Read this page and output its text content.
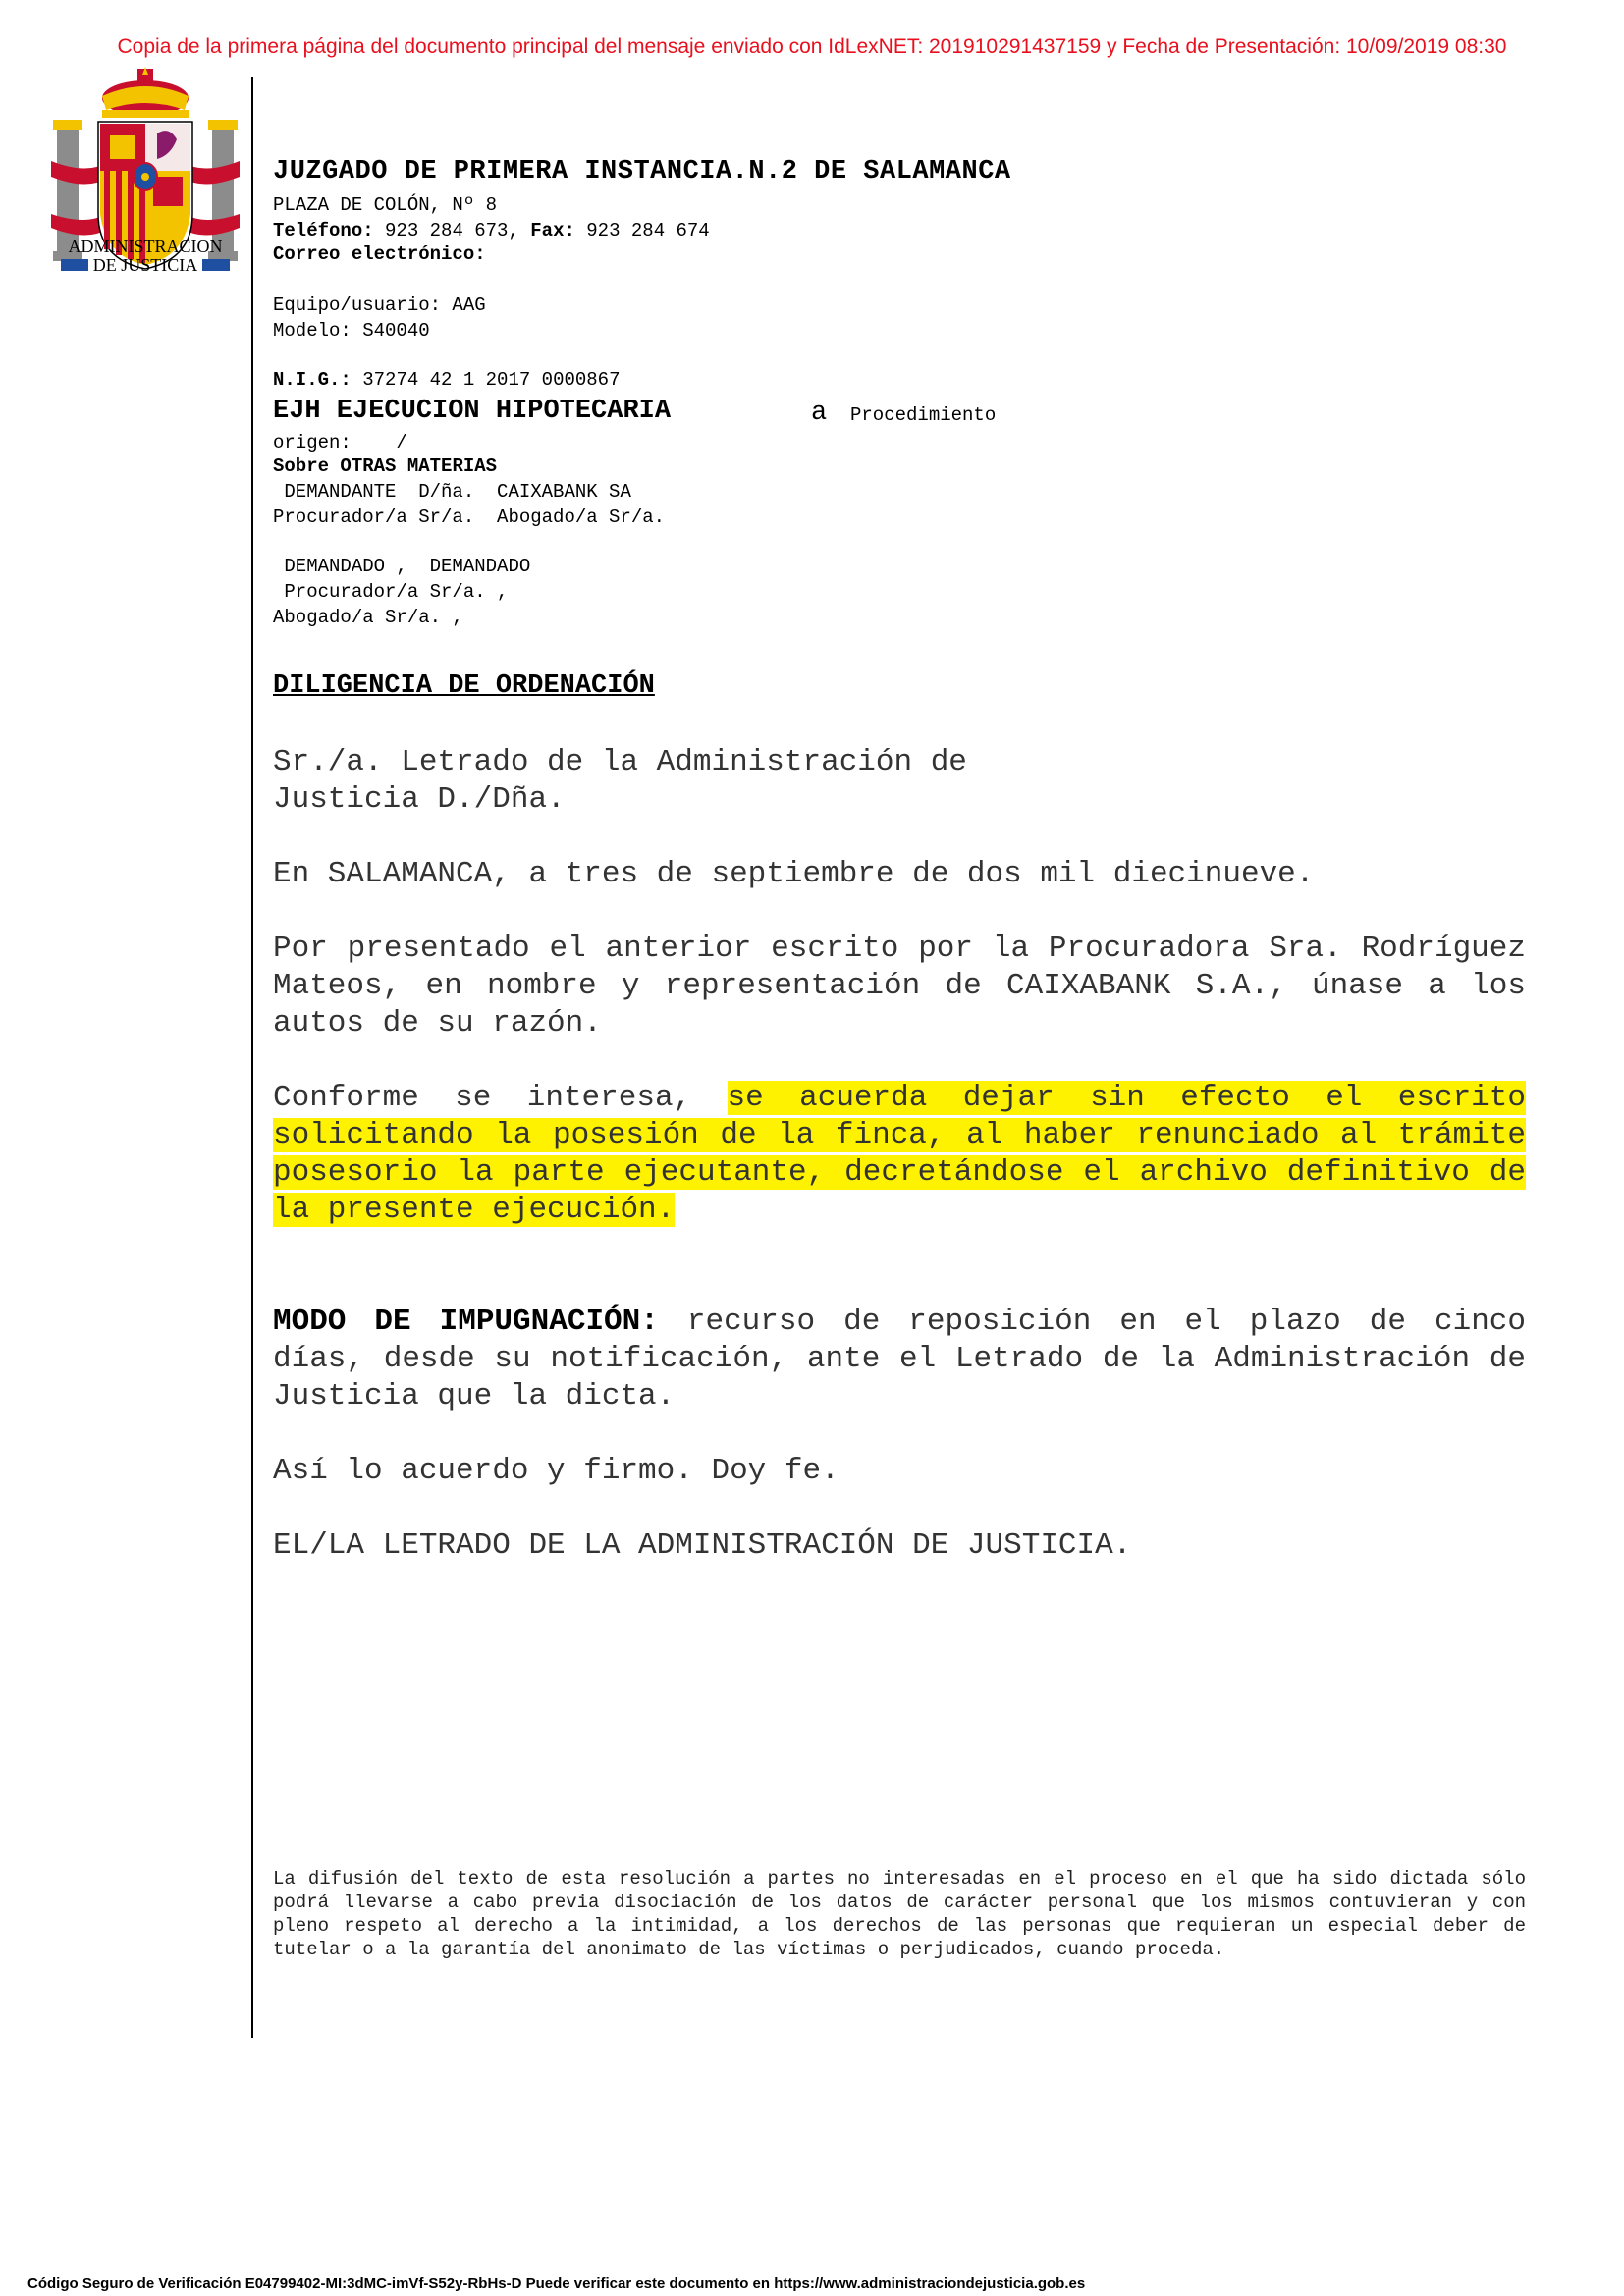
Copia de la primera página del documento principal del mensaje enviado con IdLexNET: 201910291437159 y Fecha de Presentación: 10/09/2019 08:30
ADMINISTRACION
DE JUSTICIA
JUZGADO DE PRIMERA INSTANCIA.N.2 DE SALAMANCA
PLAZA DE COLÓN, Nº 8
Teléfono: 923 284 673, Fax: 923 284 674
Correo electrónico:
Equipo/usuario: AAG
Modelo: S40040
N.I.G.: 37274 42 1 2017 0000867
EJH EJECUCION HIPOTECARIA	a Procedimiento
origen:    /
Sobre OTRAS MATERIAS
DEMANDANTE  D/ña.  CAIXABANK SA
Procurador/a Sr/a.  Abogado/a Sr/a.
DEMANDADO ,  DEMANDADO
Procurador/a Sr/a. ,
Abogado/a Sr/a. ,
DILIGENCIA DE ORDENACIÓN
Sr./a. Letrado de la Administración de
Justicia D./Dña.
En SALAMANCA, a tres de septiembre de dos mil diecinueve.
Por presentado el anterior escrito por la Procuradora Sra. Rodríguez Mateos, en nombre y representación de CAIXABANK S.A., únase a los autos de su razón.
Conforme se interesa, se acuerda dejar sin efecto el escrito solicitando la posesión de la finca, al haber renunciado al trámite posesorio la parte ejecutante, decretándose el archivo definitivo de la presente ejecución.
MODO DE IMPUGNACIÓN: recurso de reposición en el plazo de cinco días, desde su notificación, ante el Letrado de la Administración de Justicia que la dicta.
Así lo acuerdo y firmo. Doy fe.
EL/LA LETRADO DE LA ADMINISTRACIÓN DE JUSTICIA.
La difusión del texto de esta resolución a partes no interesadas en el proceso en el que ha sido dictada sólo podrá llevarse a cabo previa disociación de los datos de carácter personal que los mismos contuvieran y con pleno respeto al derecho a la intimidad, a los derechos de las personas que requieran un especial deber de tutelar o a la garantía del anonimato de las víctimas o perjudicados, cuando proceda.
Código Seguro de Verificación E04799402-MI:3dMC-imVf-S52y-RbHs-D Puede verificar este documento en https://www.administraciondejusticia.gob.es
